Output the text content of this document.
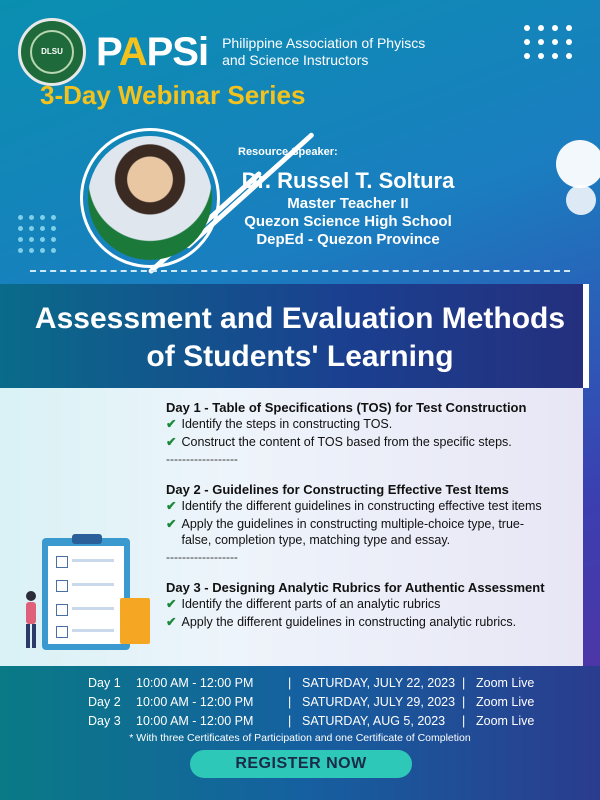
DLSU PAPSi Philippine Association of Phyiscs
and Science Instructors
3-Day Webinar Series
Resource Speaker:
Dr. Russel T. Soltura
Master Teacher II
Quezon Science High School
DepEd - Quezon Province
Assessment and Evaluation Methods
of Students' Learning
Day 1 - Table of Specifications (TOS) for Test Construction
✔ Identify the steps in constructing TOS.
✔ Construct the content of TOS based from the specific steps.
------------------
Day 2 - Guidelines for Constructing Effective Test Items
✔ Identify the different guidelines in constructing effective test items
✔ Apply the guidelines in constructing multiple-choice type, true-false, completion type, matching type and essay.
------------------
Day 3 - Designing Analytic Rubrics for Authentic Assessment
✔ Identify the different parts of an analytic rubrics
✔ Apply the different guidelines in constructing analytic rubrics.
Day 1	10:00 AM - 12:00 PM	| SATURDAY, JULY 22, 2023 | Zoom Live
Day 2	10:00 AM - 12:00 PM	| SATURDAY, JULY 29, 2023 | Zoom Live
Day 3	10:00 AM - 12:00 PM	| SATURDAY, AUG 5, 2023	| Zoom Live
* With three Certificates of Participation and one Certificate of Completion
REGISTER NOW
